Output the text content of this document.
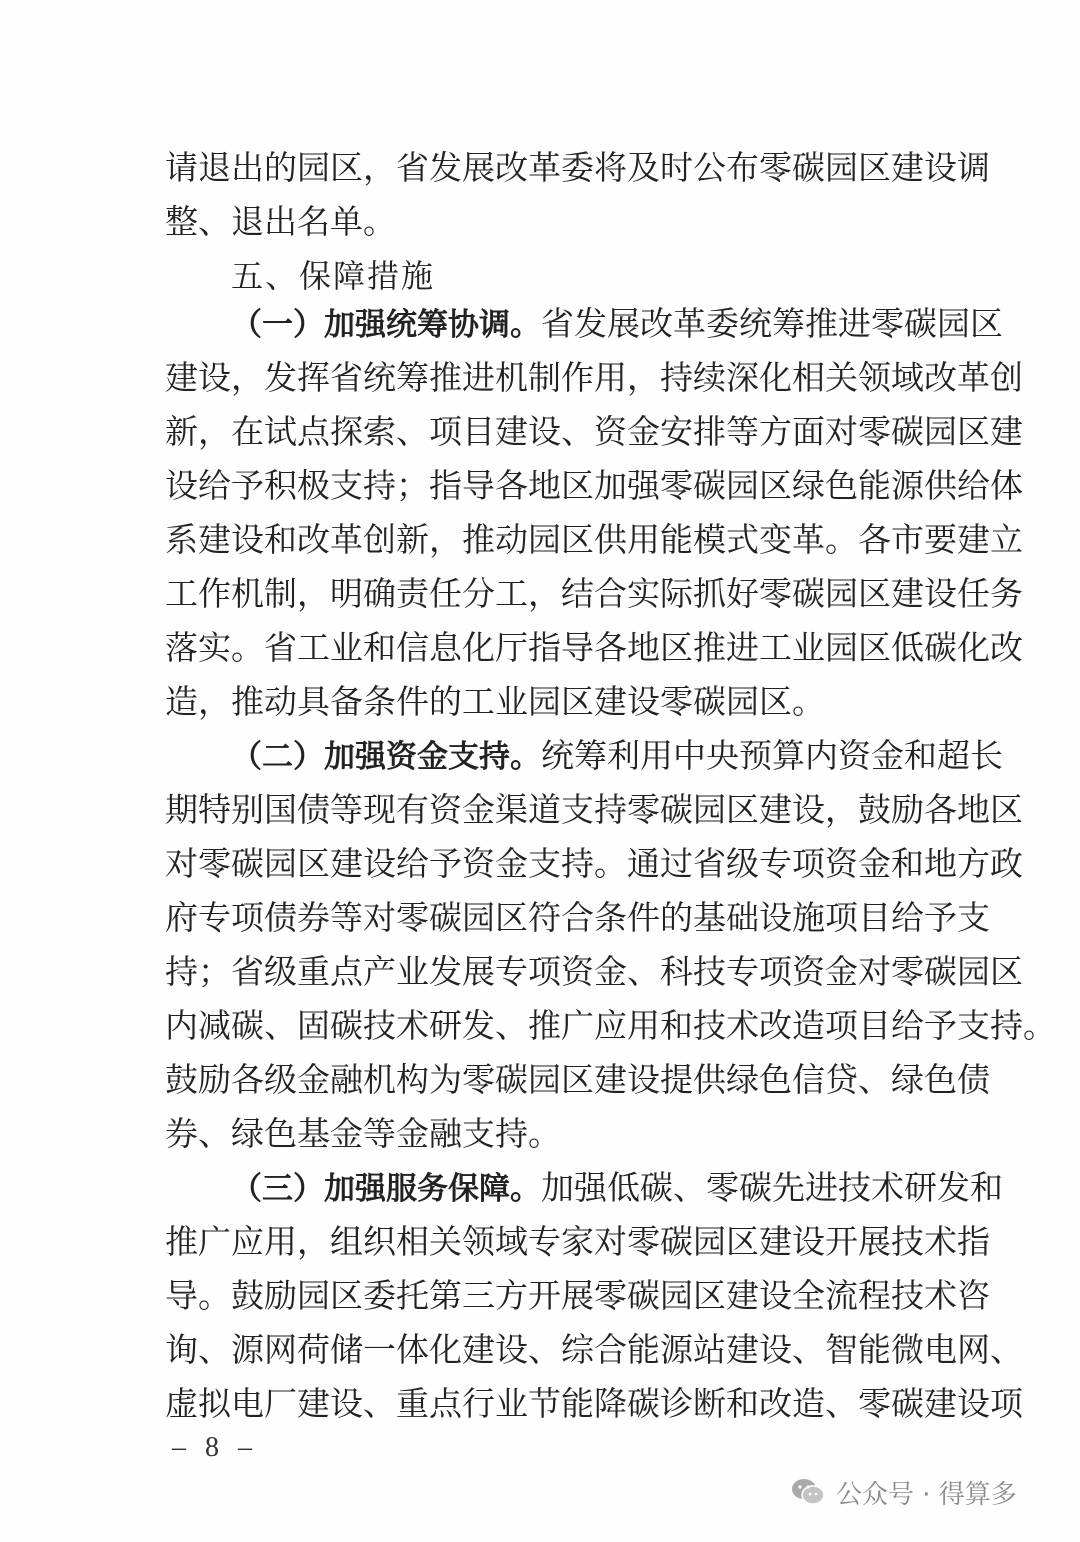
请退出的园区，省发展改革委将及时公布零碳园区建设调
整、退出名单。
五、保障措施
（一）加强统筹协调。省发展改革委统筹推进零碳园区
建设，发挥省统筹推进机制作用，持续深化相关领域改革创
新，在试点探索、项目建设、资金安排等方面对零碳园区建
设给予积极支持；指导各地区加强零碳园区绿色能源供给体
系建设和改革创新，推动园区供用能模式变革。各市要建立
工作机制，明确责任分工，结合实际抓好零碳园区建设任务
落实。省工业和信息化厅指导各地区推进工业园区低碳化改
造，推动具备条件的工业园区建设零碳园区。
（二）加强资金支持。统筹利用中央预算内资金和超长
期特别国债等现有资金渠道支持零碳园区建设，鼓励各地区
对零碳园区建设给予资金支持。通过省级专项资金和地方政
府专项债券等对零碳园区符合条件的基础设施项目给予支
持；省级重点产业发展专项资金、科技专项资金对零碳园区
内减碳、固碳技术研发、推广应用和技术改造项目给予支持。
鼓励各级金融机构为零碳园区建设提供绿色信贷、绿色债
券、绿色基金等金融支持。
（三）加强服务保障。加强低碳、零碳先进技术研发和
推广应用，组织相关领域专家对零碳园区建设开展技术指
导。鼓励园区委托第三方开展零碳园区建设全流程技术咨
询、源网荷储一体化建设、综合能源站建设、智能微电网、
虚拟电厂建设、重点行业节能降碳诊断和改造、零碳建设项
– 8 –
公众号 · 得算多
